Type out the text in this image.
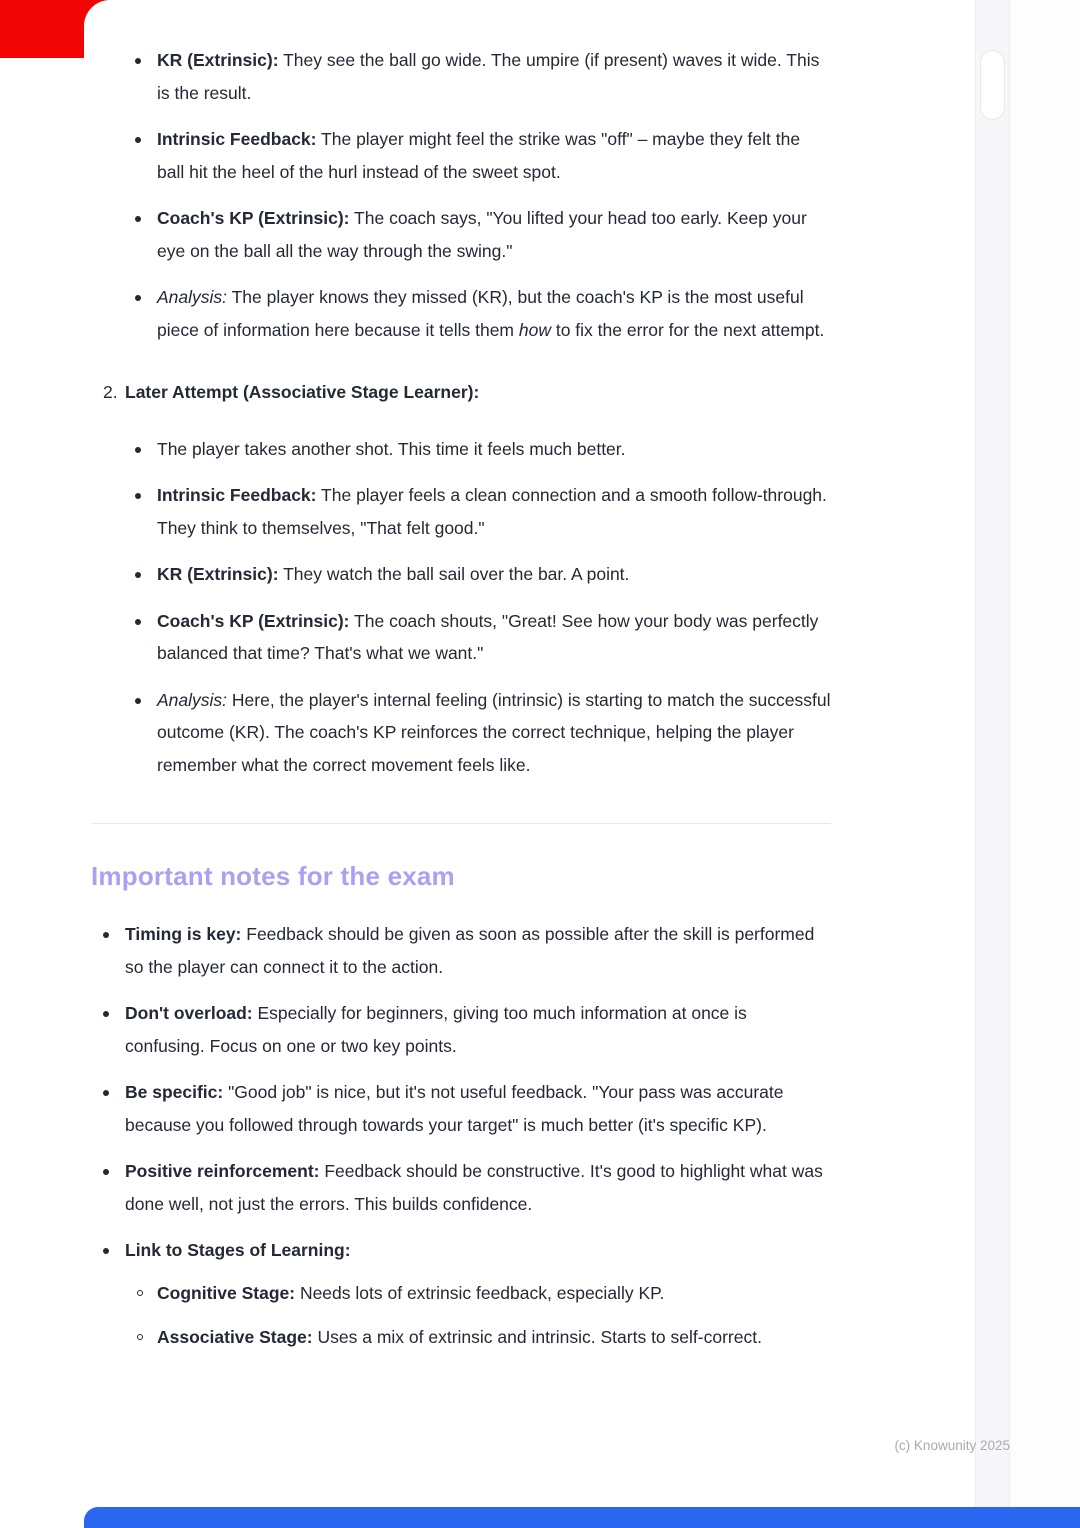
KR (Extrinsic): They see the ball go wide. The umpire (if present) waves it wide. This is the result.
Intrinsic Feedback: The player might feel the strike was "off" – maybe they felt the ball hit the heel of the hurl instead of the sweet spot.
Coach's KP (Extrinsic): The coach says, "You lifted your head too early. Keep your eye on the ball all the way through the swing."
Analysis: The player knows they missed (KR), but the coach's KP is the most useful piece of information here because it tells them how to fix the error for the next attempt.
2. Later Attempt (Associative Stage Learner):
The player takes another shot. This time it feels much better.
Intrinsic Feedback: The player feels a clean connection and a smooth follow-through. They think to themselves, "That felt good."
KR (Extrinsic): They watch the ball sail over the bar. A point.
Coach's KP (Extrinsic): The coach shouts, "Great! See how your body was perfectly balanced that time? That's what we want."
Analysis: Here, the player's internal feeling (intrinsic) is starting to match the successful outcome (KR). The coach's KP reinforces the correct technique, helping the player remember what the correct movement feels like.
Important notes for the exam
Timing is key: Feedback should be given as soon as possible after the skill is performed so the player can connect it to the action.
Don't overload: Especially for beginners, giving too much information at once is confusing. Focus on one or two key points.
Be specific: "Good job" is nice, but it's not useful feedback. "Your pass was accurate because you followed through towards your target" is much better (it's specific KP).
Positive reinforcement: Feedback should be constructive. It's good to highlight what was done well, not just the errors. This builds confidence.
Link to Stages of Learning:
Cognitive Stage: Needs lots of extrinsic feedback, especially KP.
Associative Stage: Uses a mix of extrinsic and intrinsic. Starts to self-correct.
(c) Knowunity 2025
